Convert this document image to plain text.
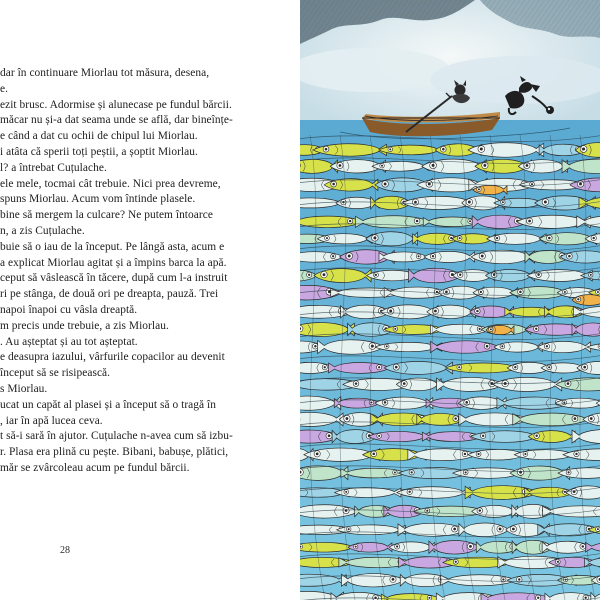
dar în continuare Miorlau tot măsura, desena,
e.
ezit brusc. Adormise și alunecase pe fundul bărcii.
măcar nu și-a dat seama unde se află, dar bineînțe-
e când a dat cu ochii de chipul lui Miorlau.
i atâta că sperii toți peștii, a șoptit Miorlau.
l? a întrebat Cuțulache.
ele mele, tocmai cât trebuie. Nici prea devreme,
spuns Miorlau. Acum vom întinde plasele.
bine să mergem la culcare? Ne putem întoarce
n, a zis Cuțulache.
buie să o iau de la început. Pe lângă asta, acum e
a explicat Miorlau agitat și a împins barca la apă.
ceput să vâslească în tăcere, după cum l-a instruit
ri pe stânga, de două ori pe dreapta, pauză. Trei
napoi înapoi cu vâsla dreaptă.
m precis unde trebuie, a zis Miorlau.
. Au așteptat și au tot așteptat.
e deasupra iazului, vârfurile copacilor au devenit
început să se risipească.
s Miorlau.
ucat un capăt al plasei și a început să o tragă în
, iar în apă lucea ceva.
t să-i sară în ajutor. Cuțulache n-avea cum să izbu-
r. Plasa era plină cu pește. Bibani, babușe, plătici,
măr se zvârcoleau acum pe fundul bărcii.
28
